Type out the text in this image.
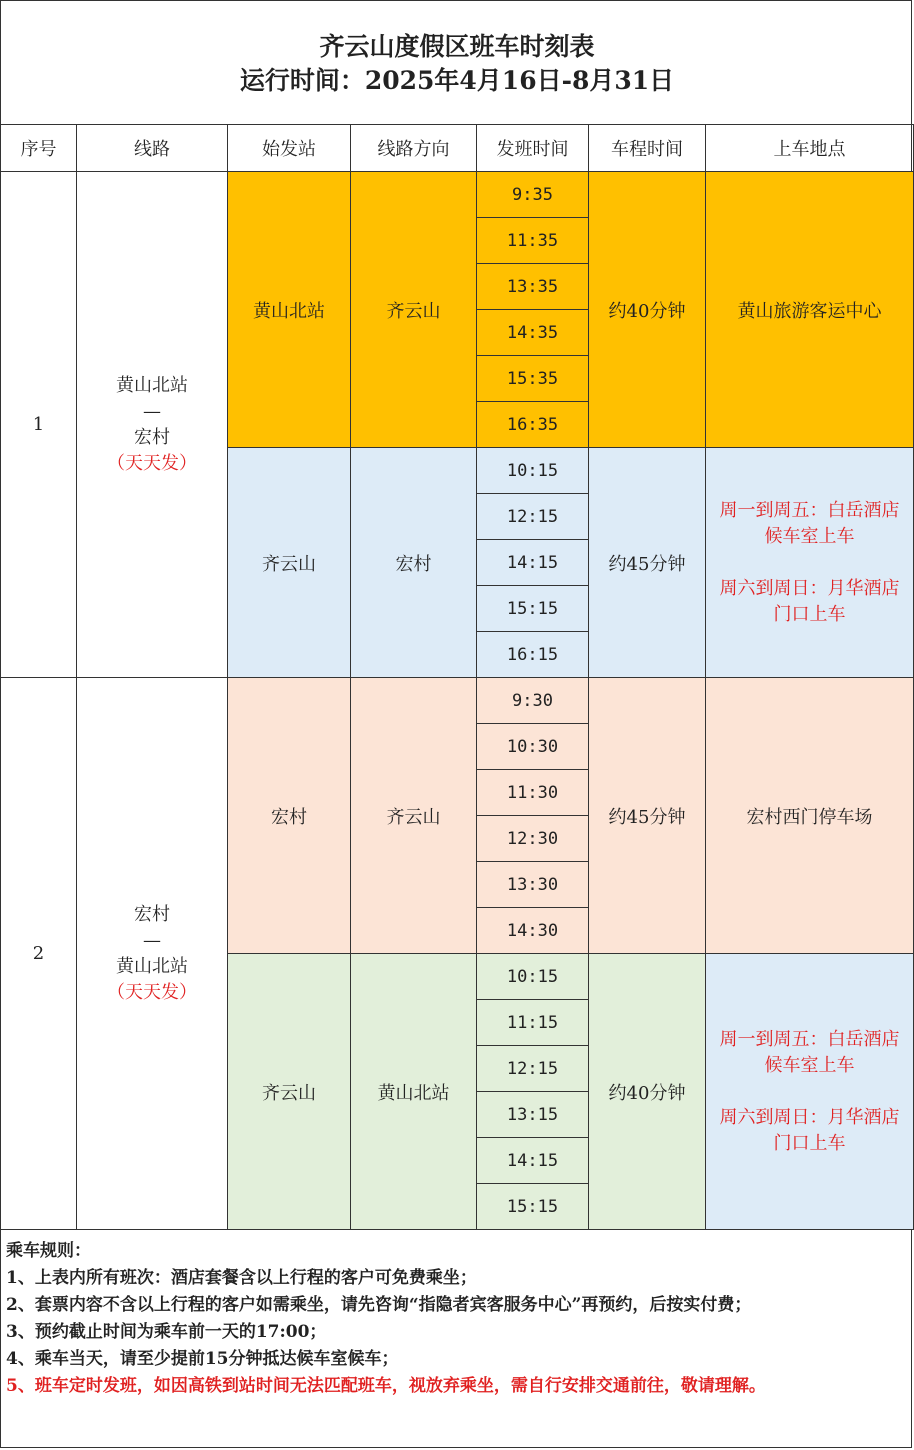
齐云山度假区班车时刻表
运行时间：2025年4月16日-8月31日
序号	线路	始发站	线路方向	发班时间	车程时间	上车地点
1	黄山北站
—
宏村
（天天发）	黄山北站	齐云山	9:35	约40分钟	黄山旅游客运中心
				11:35		
				13:35		
				14:35		
				15:35		
				16:35		
		齐云山	宏村	10:15	约45分钟	周一到周五：白岳酒店
候车室上车
周六到周日：月华酒店
门口上车

				12:15		
				14:15		
				15:15		
				16:15		
2	宏村
—
黄山北站
（天天发）	宏村	齐云山	9:30	约45分钟	宏村西门停车场
				10:30		
				11:30		
				12:30		
				13:30		
				14:30		
		齐云山	黄山北站	10:15	约40分钟	周一到周五：白岳酒店
候车室上车
周六到周日：月华酒店
门口上车

				11:15		
				12:15		
				13:15		
				14:15		
				15:15		
乘车规则：
1、上表内所有班次：酒店套餐含以上行程的客户可免费乘坐；
2、套票内容不含以上行程的客户如需乘坐，请先咨询“指隐者宾客服务中心”再预约，后按实付费；
3、预约截止时间为乘车前一天的17:00；
4、乘车当天，请至少提前15分钟抵达候车室候车；
5、班车定时发班，如因高铁到站时间无法匹配班车，视放弃乘坐，需自行安排交通前往，敬请理解。
